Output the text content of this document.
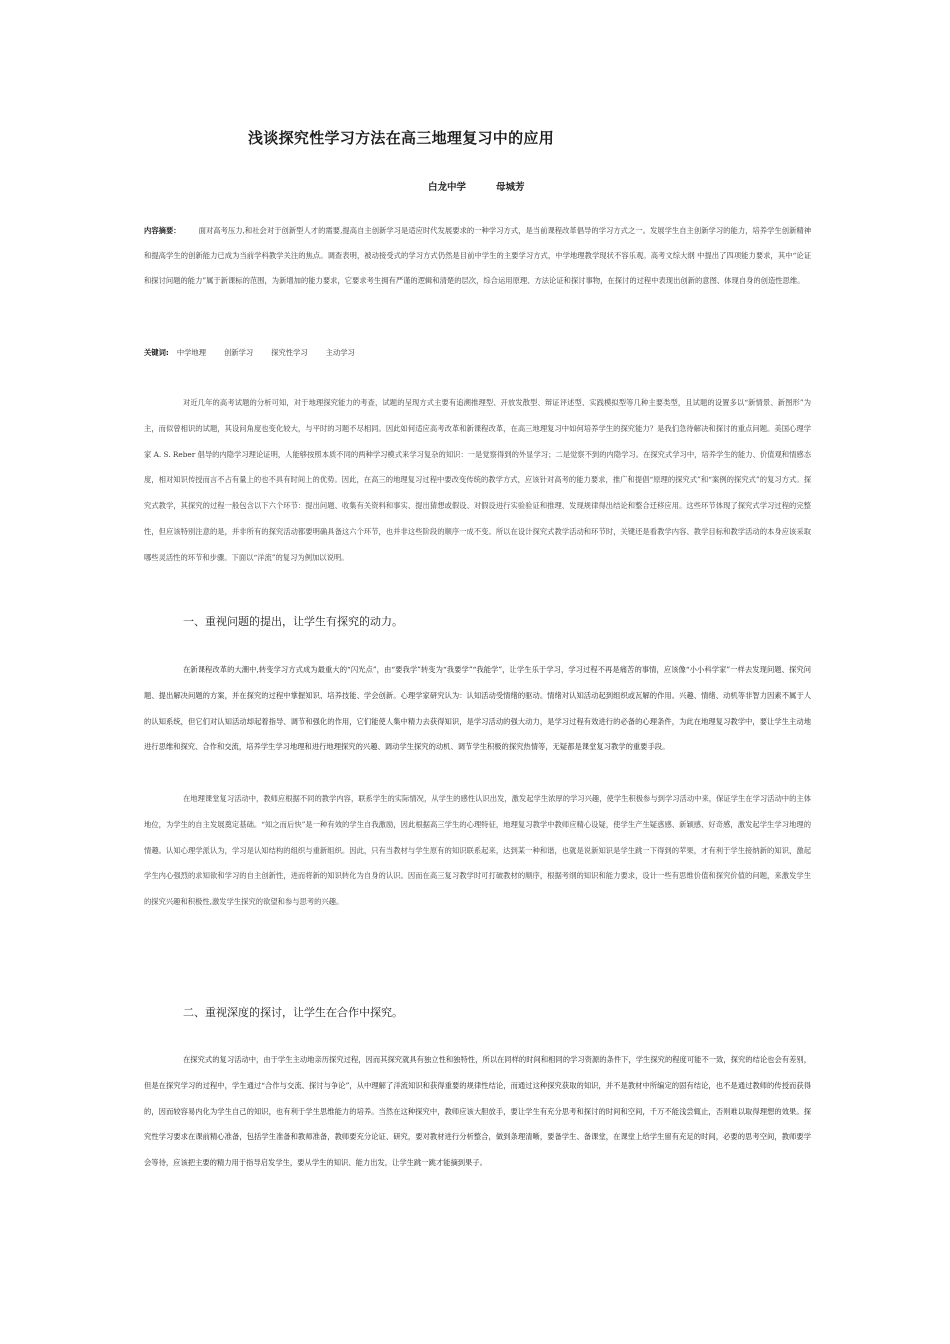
浅谈探究性学习方法在高三地理复习中的应用
白龙中学	母城芳

内容摘要： 面对高考压力,和社会对于创新型人才的需要,提高自主创新学习是适应时代发展要求的一种学习方式，是当前课程改革倡导的学习方式之一。发展学生自主创新学习的能力，培养学生创新精神和提高学生的创新能力已成为当前学科教学关注的焦点。调查表明，被动接受式的学习方式仍然是目前中学生的主要学习方式，中学地理教学现状不容乐观。高考文综大纲 中提出了四项能力要求，其中“论证和探讨问题的能力”属于新课标的范围，为新增加的能力要求，它要求考生拥有严谨的逻辑和清楚的层次，综合运用原理、方法论证和探讨事物，在探讨的过程中表现出创新的意图、体现自身的创造性思维。

关键词: 中学地理 创新学习 探究性学习 主动学习

对近几年的高考试题的分析可知，对于地理探究能力的考查，试题的呈现方式主要有追溯推理型、开放发散型、辩证评述型、实践模拟型等几种主要类型，且试题的设置多以“新情景、新图形”为主，而似曾相识的试题，其设问角度也变化较大，与平时的习题不尽相同。因此如何适应高考改革和新课程改革，在高三地理复习中如何培养学生的探究能力？是我们急待解决和探讨的重点问题。美国心理学家 A. S. Reber 倡导的内隐学习理论证明，人能够按照本质不同的两种学习模式来学习复杂的知识：一是觉察得到的外显学习；二是觉察不到的内隐学习。在探究式学习中，培养学生的能力、价值观和情感态度，相对知识传授而言不占有量上的也不具有时间上的优势。因此，在高三的地理复习过程中要改变传统的教学方式，应该针对高考的能力要求，推广和提倡“原理的探究式”和“案例的探究式”的复习方式。探究式教学，其探究的过程一般包含以下六个环节：提出问题、收集有关资料和事实、提出猜想或假设、对假设进行实验验证和推理、发现规律得出结论和整合迁移应用。这些环节体现了探究式学习过程的完整性，但应该特别注意的是，并非所有的探究活动都要明确具备这六个环节，也并非这些阶段的顺序一成不变。所以在设计探究式教学活动和环节时，关键还是看教学内容、教学目标和教学活动的本身应该采取哪些灵活性的环节和步骤。下面以“洋流”的复习为例加以说明。

一、重视问题的提出，让学生有探究的动力。

在新课程改革的大潮中,转变学习方式成为最重大的“闪光点”，由“要我学”转变为“我要学”“我能学”，让学生乐于学习，学习过程不再是痛苦的事情，应该像“小小科学家”一样去发现问题、探究问题、提出解决问题的方案，并在探究的过程中掌握知识、培养技能、学会创新。心理学家研究认为：认知活动受情绪的驱动。情绪对认知活动起到组织或瓦解的作用。兴趣、情绪、动机等非智力因素不属于人的认知系统，但它们对认知活动却起着指导、调节和强化的作用，它们能使人集中精力去获得知识，是学习活动的强大动力，是学习过程有效进行的必备的心理条件，为此在地理复习教学中，要让学生主动地进行思维和探究、合作和交流，培养学生学习地理和进行地理探究的兴趣、调动学生探究的动机、调节学生积极的探究热情等，无疑都是课堂复习教学的重要手段。

在地理课堂复习活动中，教师应根据不同的教学内容，联系学生的实际情况，从学生的感性认识出发，激发起学生浓厚的学习兴趣，使学生积极参与到学习活动中来，保证学生在学习活动中的主体地位，为学生的自主发展奠定基础。“知之而后快”是一种有效的学生自我激励，因此根据高三学生的心理特征，地理复习教学中教师应精心设疑，使学生产生疑惑感、新颖感、好奇感，激发起学生学习地理的情趣。认知心理学派认为，学习是认知结构的组织与重新组织。因此，只有当教材与学生原有的知识联系起来，达到某一种和谐，也就是说新知识是学生跳一下得到的苹果，才有利于学生接纳新的知识，激起学生内心强烈的求知欲和学习的自主创新性，进而将新的知识转化为自身的认识。因而在高三复习教学时可打破教材的顺序，根据考纲的知识和能力要求，设计一些有思维价值和探究价值的问题，来激发学生的探究兴趣和积极性,激发学生探究的欲望和参与思考的兴趣。

二、重视深度的探讨，让学生在合作中探究。

在探究式的复习活动中，由于学生主动地亲历探究过程，因而其探究就具有独立性和独特性，所以在同样的时间和相同的学习资源的条件下，学生探究的程度可能不一致，探究的结论也会有差别，但是在探究学习的过程中，学生通过“合作与交流、探讨与争论”，从中理解了洋流知识和获得重要的规律性结论，而通过这种探究获取的知识，并不是教材中所编定的固有结论，也不是通过教师的传授而获得的，因而较容易内化为学生自己的知识，也有利于学生思维能力的培养。当然在这种探究中，教师应该大胆放手，要让学生有充分思考和探讨的时间和空间，千万不能浅尝辄止，否则难以取得理想的效果。探究性学习要求在课前精心准备，包括学生准备和教师准备，教师要充分论证、研究，要对教材进行分析整合，做到条理清晰，要备学生、备课堂，在课堂上给学生留有充足的时间，必要的思考空间，教师要学会等待，应该把主要的精力用于指导启发学生，要从学生的知识、能力出发，让学生跳一跳才能摘到果子。
